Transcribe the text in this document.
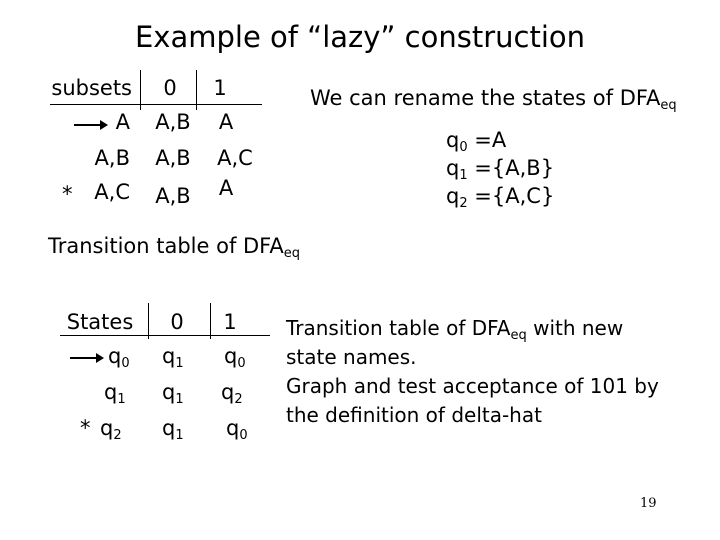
Example of “lazy” construction
subsets	0	1
A	A,B	A
A,B	A,B	A,C
*	A,C	A,B	A
We can rename the states of $DFA_{eq}$
$q_0 =A$
$q_1 =\{A,B\}$
$q_2 =\{A,C\}$
Transition table of $DFA_{eq}$
States	0	1
$q_0$ $q_1$ $q_0$
$q_1$ $q_1$ $q_2$
* $q_2$ $q_1$ $q_0$
Transition table of $DFA_{eq}$ with new
state names.
Graph and test acceptance of 101 by
the definition of delta-hat
19
